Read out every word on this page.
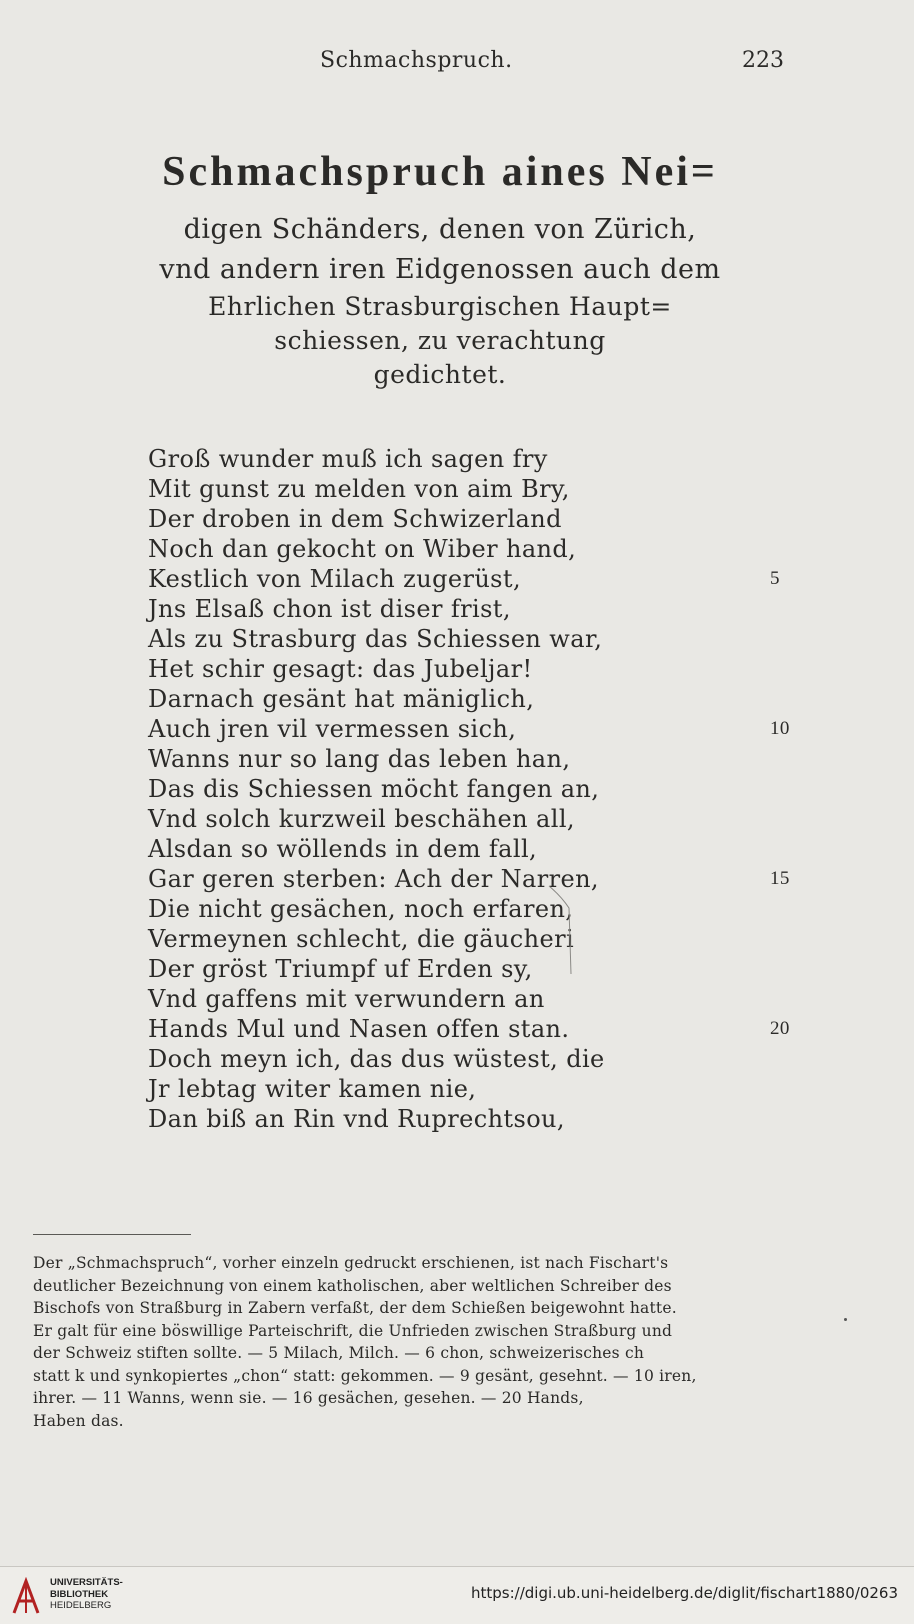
Schmachspruch.	223

Schmachspruch aines Nei=

digen Schänders, denen von Zürich,

vnd andern iren Eidgenossen auch dem

Ehrlichen Strasburgischen Haupt=

schiessen, zu verachtung

gedichtet.

Groß wunder muß ich sagen fry
Mit gunst zu melden von aim Bry,
Der droben in dem Schwizerland
Noch dan gekocht on Wiber hand,
Kestlich von Milach zugerüst,	5
Jns Elsaß chon ist diser frist,
Als zu Strasburg das Schiessen war,
Het schir gesagt: das Jubeljar!
Darnach gesänt hat mäniglich,
Auch jren vil vermessen sich,	10
Wanns nur so lang das leben han,
Das dis Schiessen möcht fangen an,
Vnd solch kurzweil beschähen all,
Alsdan so wöllends in dem fall,
Gar geren sterben: Ach der Narren,	15
Die nicht gesächen, noch erfaren,
Vermeynen schlecht, die gäucheri
Der gröst Triumpf uf Erden sy,
Vnd gaffens mit verwundern an
Hands Mul und Nasen offen stan.	20
Doch meyn ich, das dus wüstest, die
Jr lebtag witer kamen nie,
Dan biß an Rin vnd Ruprechtsou,

Der „Schmachspruch“, vorher einzeln gedruckt erschienen, ist nach Fischart's

deutlicher Bezeichnung von einem katholischen, aber weltlichen Schreiber des

Bischofs von Straßburg in Zabern verfaßt, der dem Schießen beigewohnt hatte.

Er galt für eine böswillige Parteischrift, die Unfrieden zwischen Straßburg und

der Schweiz stiften sollte. — 5 Milach, Milch. — 6 chon, schweizerisches ch

statt k und synkopiertes „chon“ statt: gekommen. — 9 gesänt, gesehnt. — 10 iren,

ihrer. — 11 Wanns, wenn sie. — 16 gesächen, gesehen. — 20 Hands,

Haben das.

UNIVERSITÄTS-
BIBLIOTHEK
HEIDELBERG
https://digi.ub.uni-heidelberg.de/diglit/fischart1880/0263
